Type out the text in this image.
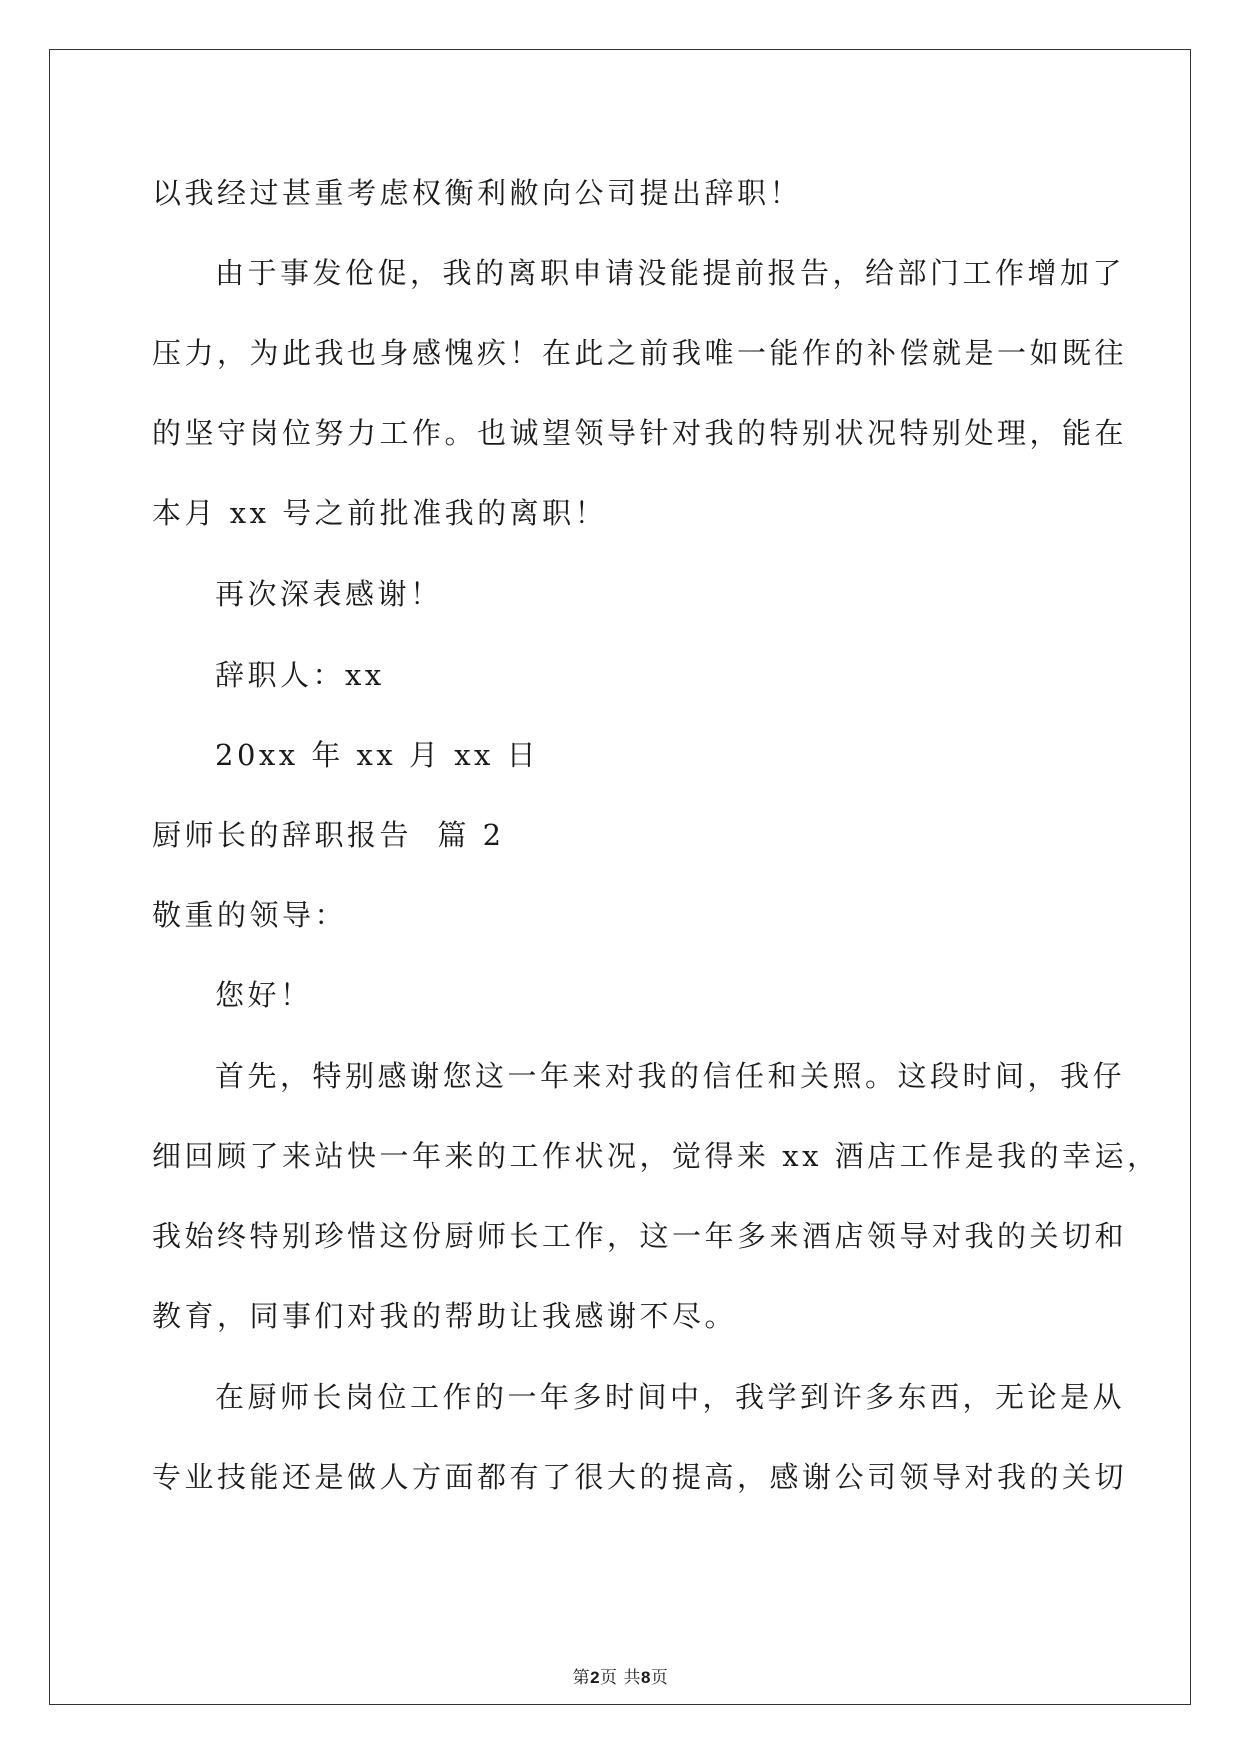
以我经过甚重考虑权衡利敝向公司提出辞职！
由于事发伧促，我的离职申请没能提前报告，给部门工作增加了
压力，为此我也身感愧疚！在此之前我唯一能作的补偿就是一如既往
的坚守岗位努力工作。也诚望领导针对我的特别状况特别处理，能在
本月 xx 号之前批准我的离职！
再次深表感谢！
辞职人：xx
20xx 年 xx 月 xx 日
厨师长的辞职报告  篇 2
敬重的领导：
您好！
首先，特别感谢您这一年来对我的信任和关照。这段时间，我仔
细回顾了来站快一年来的工作状况，觉得来 xx 酒店工作是我的幸运，
我始终特别珍惜这份厨师长工作，这一年多来酒店领导对我的关切和
教育，同事们对我的帮助让我感谢不尽。
在厨师长岗位工作的一年多时间中，我学到许多东西，无论是从
专业技能还是做人方面都有了很大的提高，感谢公司领导对我的关切
第2页 共8页
